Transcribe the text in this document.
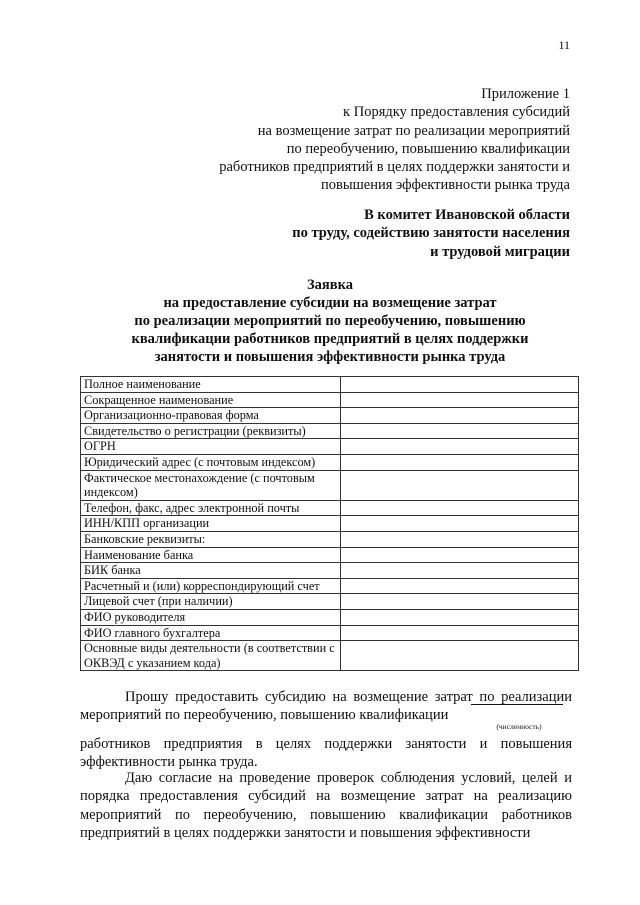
11
Приложение 1
к Порядку предоставления субсидий
на возмещение затрат по реализации мероприятий
по переобучению, повышению квалификации
работников предприятий в целях поддержки занятости и
повышения эффективности рынка труда
В комитет Ивановской области
по труду, содействию занятости населения
и трудовой миграции
Заявка
на предоставление субсидии на возмещение затрат
по реализации мероприятий по переобучению, повышению
квалификации работников предприятий в целях поддержки
занятости и повышения эффективности рынка труда
Полное наименование	
Сокращенное наименование	
Организационно-правовая форма	
Свидетельство о регистрации (реквизиты)	
ОГРН	
Юридический адрес (с почтовым индексом)	
Фактическое местонахождение (с почтовым индексом)	
Телефон, факс, адрес электронной почты	
ИНН/КПП организации	
Банковские реквизиты:	
Наименование банка	
БИК банка	
Расчетный и (или) корреспондирующий счет	
Лицевой счет (при наличии)	
ФИО руководителя	
ФИО главного бухгалтера	
Основные виды деятельности (в соответствии с ОКВЭД с указанием кода)	
Прошу предоставить субсидию на возмещение затрат по реализации мероприятий по переобучению, повышению квалификации
(численность)
работников предприятия в целях поддержки занятости и повышения эффективности рынка труда.
Даю согласие на проведение проверок соблюдения условий, целей и порядка предоставления субсидий на возмещение затрат на реализацию мероприятий по переобучению, повышению квалификации работников предприятий в целях поддержки занятости и повышения эффективности
